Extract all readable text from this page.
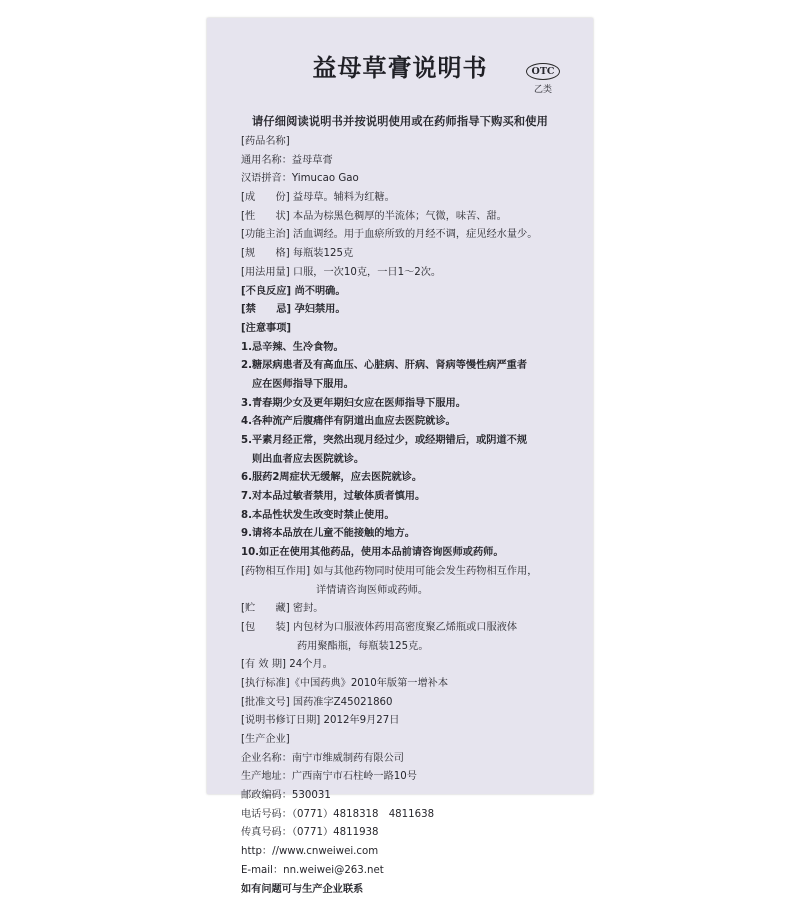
益母草膏说明书	OTC
乙类
请仔细阅读说明书并按说明使用或在药师指导下购买和使用
[药品名称]
通用名称：益母草膏
汉语拼音：Yimucao Gao
[成　　份] 益母草。辅料为红糖。
[性　　状] 本品为棕黑色稠厚的半流体；气微，味苦、甜。
[功能主治] 活血调经。用于血瘀所致的月经不调，症见经水量少。
[规　　格] 每瓶装125克
[用法用量] 口服，一次10克，一日1～2次。
[不良反应] 尚不明确。
[禁　　忌] 孕妇禁用。
[注意事项]
1.忌辛辣、生冷食物。
2.糖尿病患者及有高血压、心脏病、肝病、肾病等慢性病严重者
应在医师指导下服用。
3.青春期少女及更年期妇女应在医师指导下服用。
4.各种流产后腹痛伴有阴道出血应去医院就诊。
5.平素月经正常，突然出现月经过少，或经期错后，或阴道不规
则出血者应去医院就诊。
6.服药2周症状无缓解，应去医院就诊。
7.对本品过敏者禁用，过敏体质者慎用。
8.本品性状发生改变时禁止使用。
9.请将本品放在儿童不能接触的地方。
10.如正在使用其他药品，使用本品前请咨询医师或药师。
[药物相互作用] 如与其他药物同时使用可能会发生药物相互作用，
详情请咨询医师或药师。
[贮　　藏] 密封。
[包　　装] 内包材为口服液体药用高密度聚乙烯瓶或口服液体
药用聚酯瓶，每瓶装125克。
[有 效 期] 24个月。
[执行标准]《中国药典》2010年版第一增补本
[批准文号] 国药准字Z45021860
[说明书修订日期] 2012年9月27日
[生产企业]
企业名称：南宁市维威制药有限公司
生产地址：广西南宁市石柱岭一路10号
邮政编码：530031
电话号码：（0771）4818318　4811638
传真号码：（0771）4811938
http：//www.cnweiwei.com
E-mail：nn.weiwei@263.net
如有问题可与生产企业联系
